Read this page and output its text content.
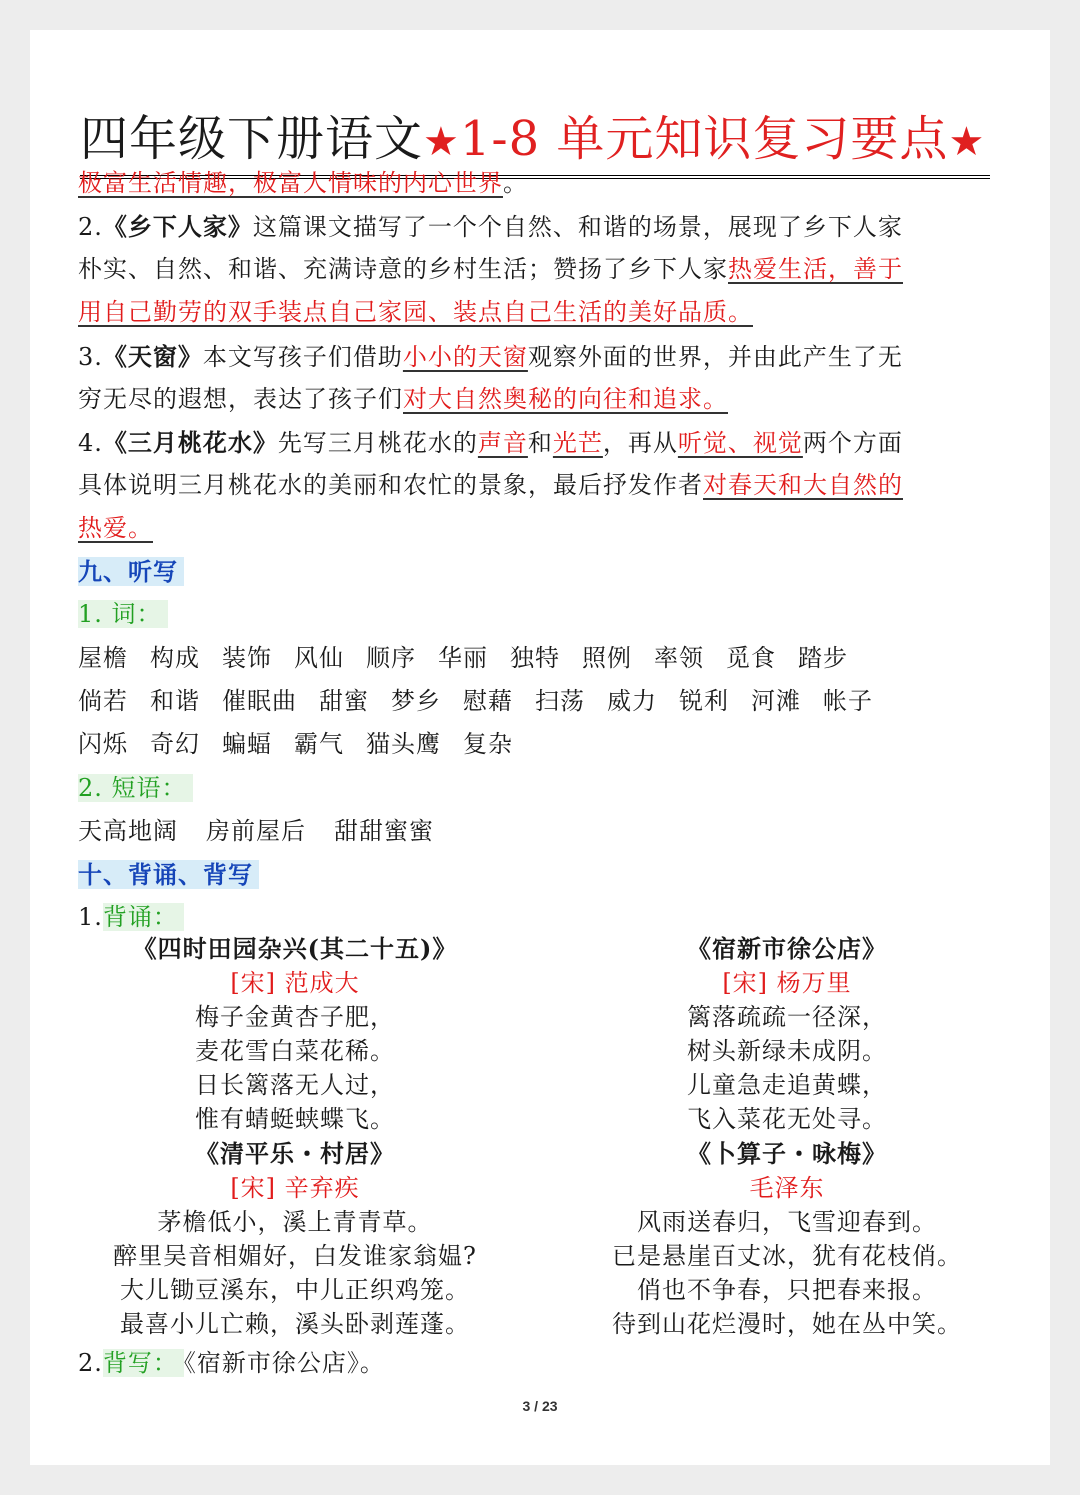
四年级下册语文★1-8 单元知识复习要点★
极富生活情趣，极富人情味的内心世界。
2.《乡下人家》这篇课文描写了一个个自然、和谐的场景，展现了乡下人家
朴实、自然、和谐、充满诗意的乡村生活；赞扬了乡下人家热爱生活，善于
用自己勤劳的双手装点自己家园、装点自己生活的美好品质。
3.《天窗》本文写孩子们借助小小的天窗观察外面的世界，并由此产生了无
穷无尽的遐想，表达了孩子们对大自然奥秘的向往和追求。
4.《三月桃花水》先写三月桃花水的声音和光芒，再从听觉、视觉两个方面
具体说明三月桃花水的美丽和农忙的景象，最后抒发作者对春天和大自然的
热爱。
九、听写
1. 词：
屋檐 构成 装饰 风仙 顺序 华丽 独特 照例 率领 觅食 踏步
倘若 和谐 催眠曲 甜蜜 梦乡 慰藉 扫荡 威力 锐利 河滩 帐子
闪烁 奇幻 蝙蝠 霸气 猫头鹰 复杂
2. 短语：
天高地阔 房前屋后 甜甜蜜蜜
十、背诵、背写
1.背诵：
《四时田园杂兴(其二十五)》
[宋] 范成大
梅子金黄杏子肥，
麦花雪白菜花稀。
日长篱落无人过，
惟有蜻蜓蛱蝶飞。
《宿新市徐公店》
[宋] 杨万里
篱落疏疏一径深，
树头新绿未成阴。
儿童急走追黄蝶，
飞入菜花无处寻。
《清平乐・村居》
[宋] 辛弃疾
茅檐低小，溪上青青草。
醉里吴音相媚好，白发谁家翁媪?
大儿锄豆溪东，中儿正织鸡笼。
最喜小儿亡赖，溪头卧剥莲蓬。
《卜算子・咏梅》
毛泽东
风雨送春归，飞雪迎春到。
已是悬崖百丈冰，犹有花枝俏。
俏也不争春，只把春来报。
待到山花烂漫时，她在丛中笑。
2.背写： 《宿新市徐公店》。
3 / 23
